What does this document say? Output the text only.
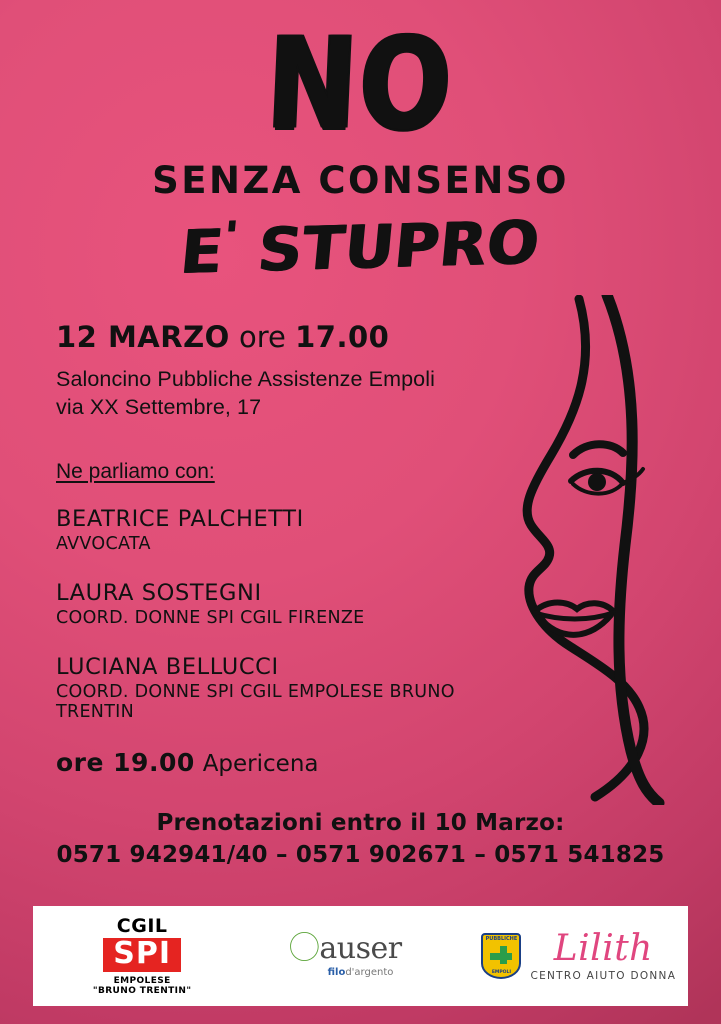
NO
SENZA CONSENSO
E' STUPRO
12 MARZO ore 17.00
Saloncino Pubbliche Assistenze Empoli
via XX Settembre, 17
Ne parliamo con:
BEATRICE PALCHETTI
AVVOCATA
LAURA SOSTEGNI
COORD. DONNE SPI CGIL FIRENZE
LUCIANA BELLUCCI
COORD. DONNE SPI CGIL EMPOLESE BRUNO TRENTIN
ore 19.00 Apericena
Prenotazioni entro il 10 Marzo:
0571 942941/40 – 0571 902671 – 0571 541825
CGIL
SPI
EMPOLESE
"BRUNO TRENTIN"
auser
filod'argento
PUBBLICHE
EMPOLI
Lilith
CENTRO AIUTO DONNA
